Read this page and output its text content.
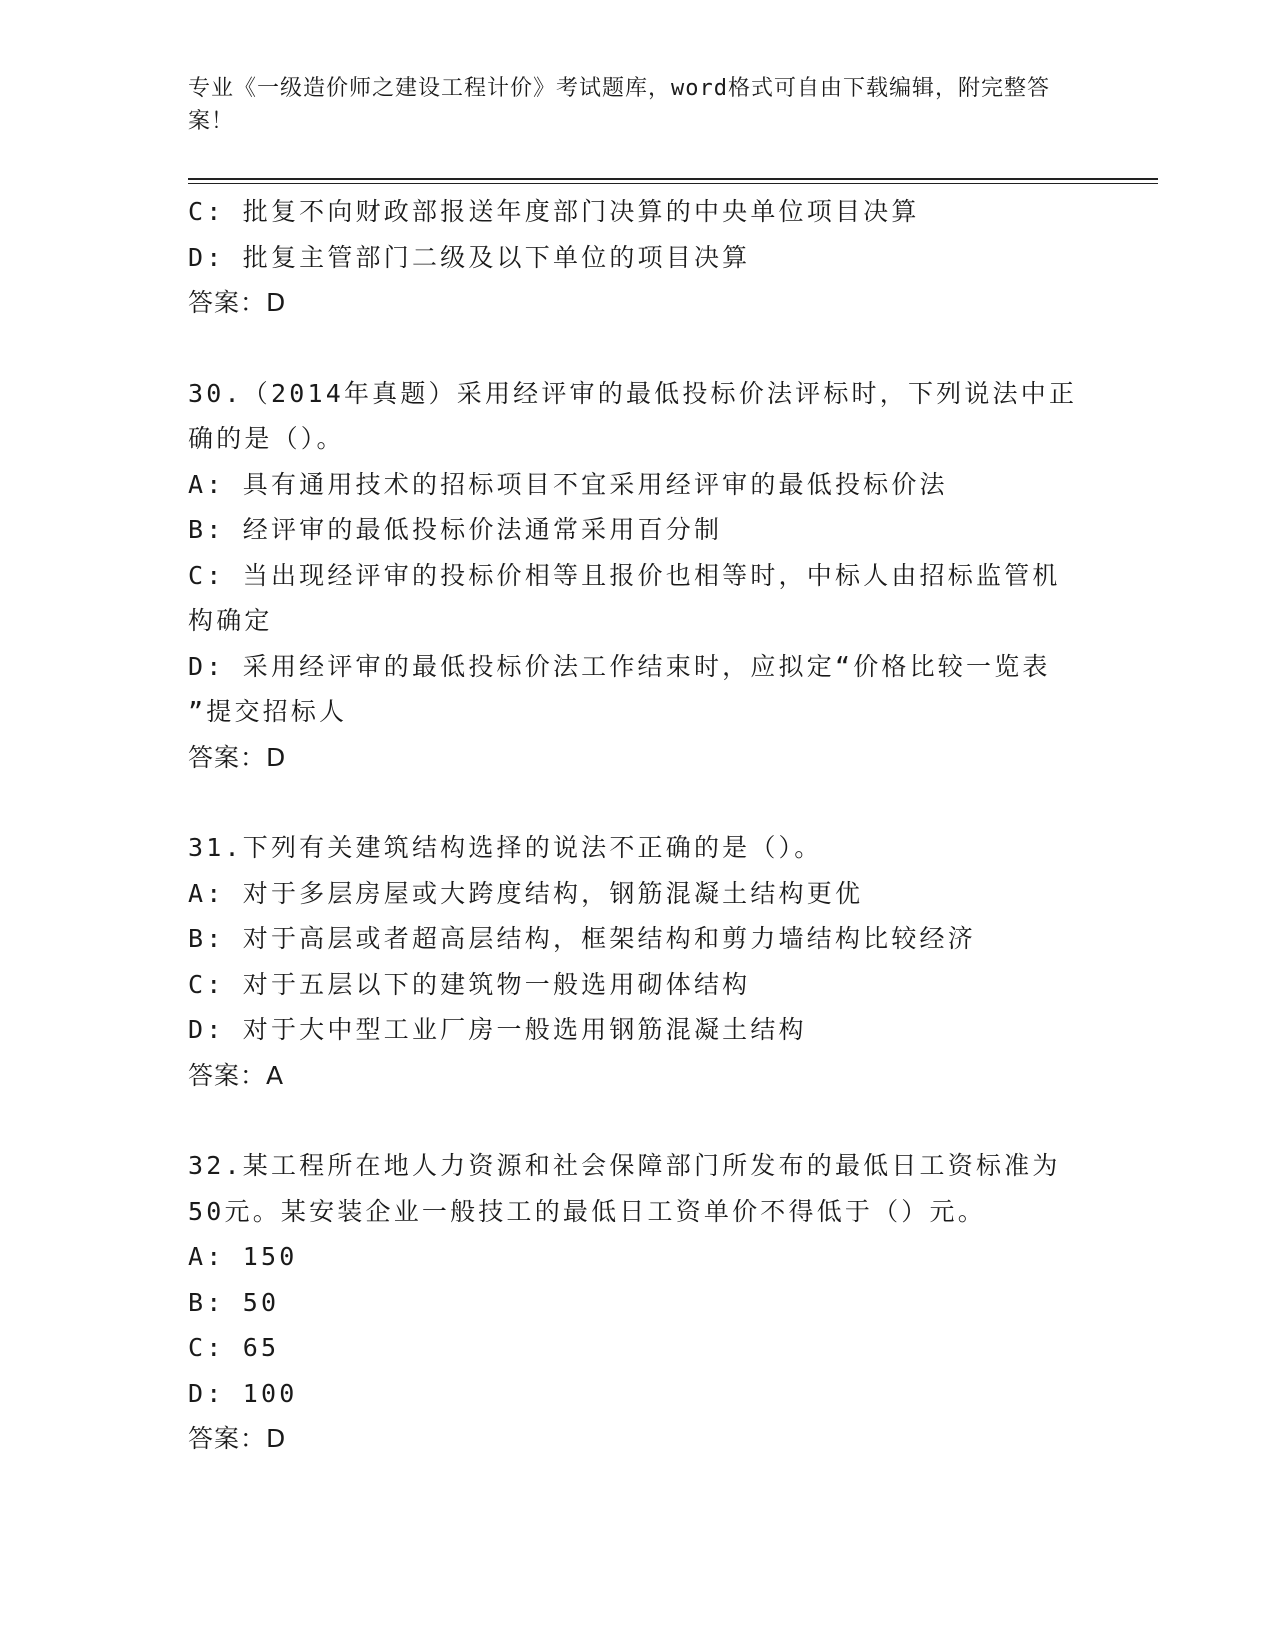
专业《一级造价师之建设工程计价》考试题库，word格式可自由下载编辑，附完整答案！
C: 批复不向财政部报送年度部门决算的中央单位项目决算
D: 批复主管部门二级及以下单位的项目决算
答案：D
30.（2014年真题）采用经评审的最低投标价法评标时，下列说法中正
确的是（）。
A: 具有通用技术的招标项目不宜采用经评审的最低投标价法
B: 经评审的最低投标价法通常采用百分制
C: 当出现经评审的投标价相等且报价也相等时，中标人由招标监管机
构确定
D: 采用经评审的最低投标价法工作结束时，应拟定“价格比较一览表
”提交招标人
答案：D
31.下列有关建筑结构选择的说法不正确的是（）。
A: 对于多层房屋或大跨度结构，钢筋混凝土结构更优
B: 对于高层或者超高层结构，框架结构和剪力墙结构比较经济
C: 对于五层以下的建筑物一般选用砌体结构
D: 对于大中型工业厂房一般选用钢筋混凝土结构
答案：A
32.某工程所在地人力资源和社会保障部门所发布的最低日工资标准为
50元。某安装企业一般技工的最低日工资单价不得低于（）元。
A: 150
B: 50
C: 65
D: 100
答案：D
